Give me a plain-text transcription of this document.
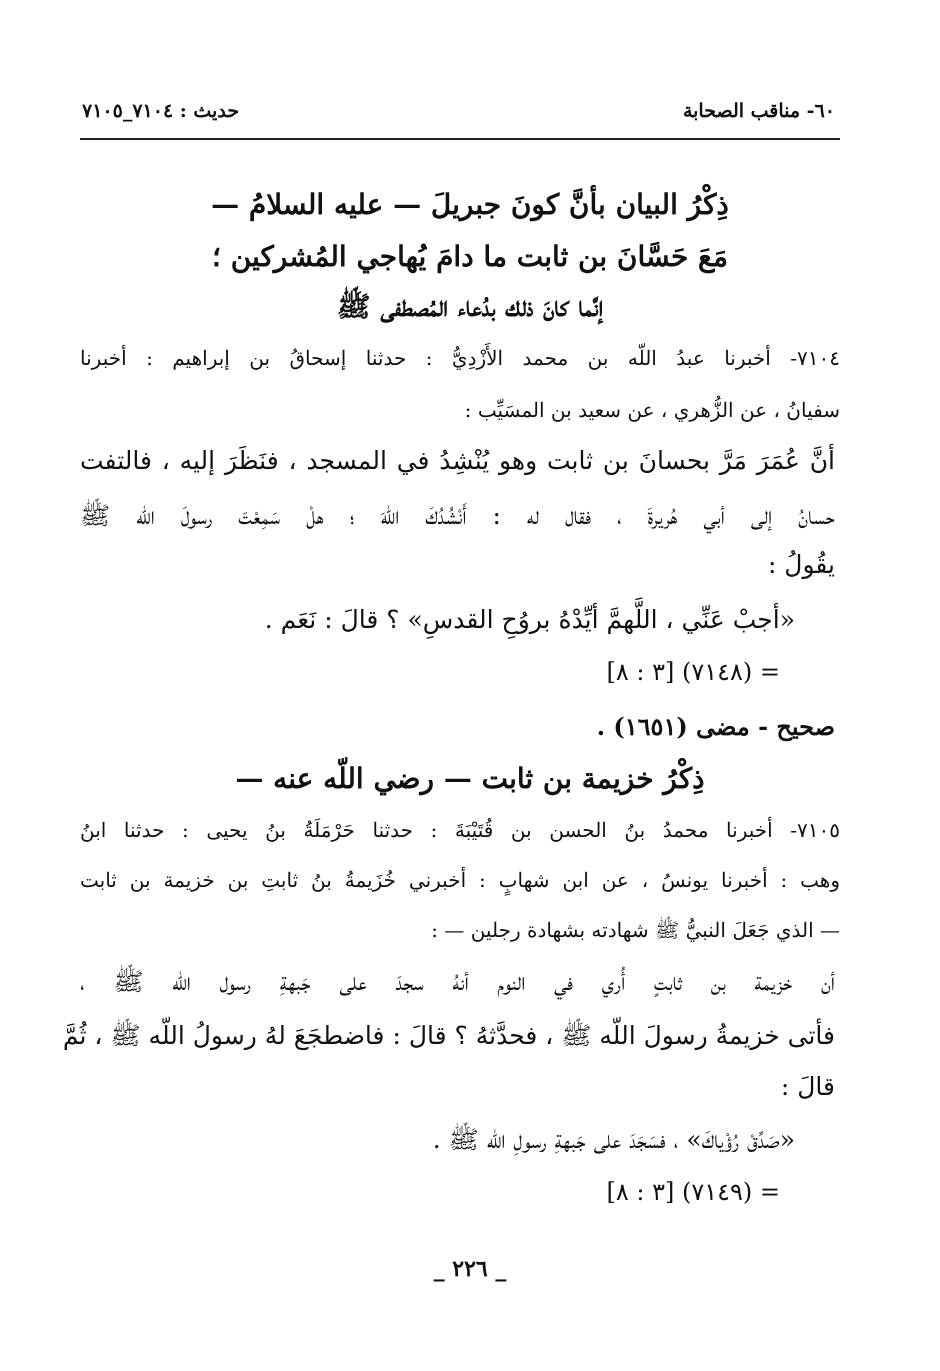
٦٠- مناقب الصحابة
حديث : ٧١٠٤_٧١٠٥
ذِكْرُ البيان بأنَّ كونَ جبريلَ — عليه السلامُ —
مَعَ حَسَّانَ بن ثابت ما دامَ يُهاجي المُشركين ؛
إنَّما كانَ ذلك بدُعاء المُصطفى ﷺ
٧١٠٤- أخبرنا عبدُ اللّه بن محمد الأَزْدِيُّ : حدثنا إسحاقُ بن إبراهيم : أخبرنا
سفيانُ ، عن الزُّهري ، عن سعيد بن المسَيِّب :
أنَّ عُمَرَ مَرَّ بحسانَ بن ثابت وهو يُنْشِدُ في المسجد ، فنَظَرَ إليه ، فالتفت
حسانُ إلى أبي هُريرةَ ، فقال له : أَنْشُدُكَ اللّهَ ؛ هلْ سَمِعْتَ رسولَ اللّه ﷺ
يقُولُ :
«أجبْ عَنِّي ، اللَّهمَّ أيِّدْهُ بروُحِ القدسِ» ؟ قالَ : نَعَم .
= (٧١٤٨) [٣ : ٨]
صحيح - مضى (١٦٥١) .
ذِكْرُ خزيمة بن ثابت — رضي اللّه عنه —
٧١٠٥- أخبرنا محمدُ بنُ الحسن بن قُتَيْبَةَ : حدثنا حَرْمَلَةُ بنُ يحيى : حدثنا ابنُ
وهب : أخبرنا يونسُ ، عن ابن شهابٍ : أخبرني خُزَيمةُ بنُ ثابتِ بن خزيمة بن ثابت
— الذي جَعَلَ النبيُّ ﷺ شهادته بشهادة رجلين — :
أن خزيمة بن ثابتٍ أُري في النوم أنهُ سجدَ على جَبهةِ رسول اللّه ﷺ ،
فأتى خزيمةُ رسولَ اللّه ﷺ ، فحدَّثهُ ؟ قالَ : فاضطجَعَ لهُ رسولُ اللّه ﷺ ، ثُمَّ
قالَ :
«صَدِّقْ رُؤْياكَ» ، فسَجَدَ على جَبهةِ رسولِ اللّه ﷺ .
= (٧١٤٩) [٣ : ٨]
_ ٢٢٦ _
